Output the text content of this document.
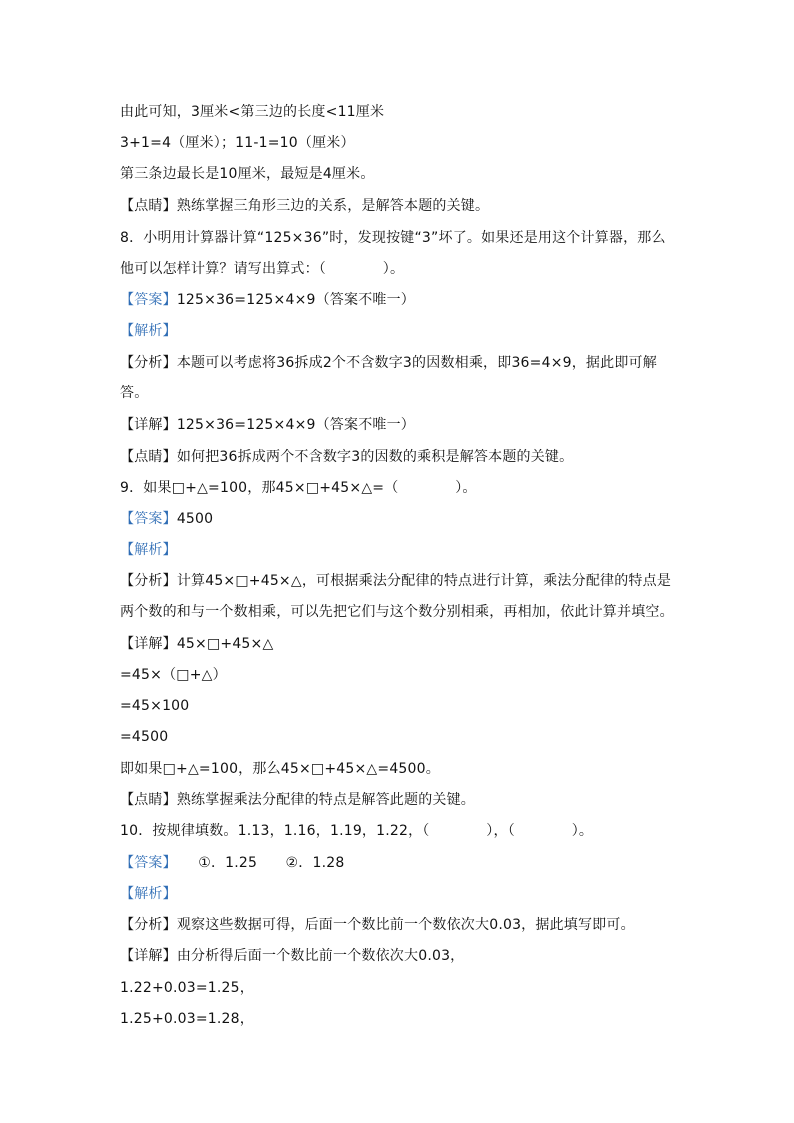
由此可知，3厘米<第三边的长度<11厘米
3+1=4（厘米）；11-1=10（厘米）
第三条边最长是10厘米，最短是4厘米。
【点睛】熟练掌握三角形三边的关系，是解答本题的关键。
8．小明用计算器计算“125×36”时，发现按键“3”坏了。如果还是用这个计算器，那么
他可以怎样计算？请写出算式：（　　　　）。
【答案】125×36=125×4×9（答案不唯一）
【解析】
【分析】本题可以考虑将36拆成2个不含数字3的因数相乘，即36=4×9，据此即可解
答。
【详解】125×36=125×4×9（答案不唯一）
【点睛】如何把36拆成两个不含数字3的因数的乘积是解答本题的关键。
9．如果□+△=100，那45×□+45×△=（　　　　）。
【答案】4500
【解析】
【分析】计算45×□+45×△，可根据乘法分配律的特点进行计算，乘法分配律的特点是
两个数的和与一个数相乘，可以先把它们与这个数分别相乘，再相加，依此计算并填空。
【详解】45×□+45×△
=45×（□+△）
=45×100
=4500
即如果□+△=100，那么45×□+45×△=4500。
【点睛】熟练掌握乘法分配律的特点是解答此题的关键。
10．按规律填数。1.13，1.16，1.19，1.22，（　　　　），（　　　　）。
【答案】　　①．1.25　　②．1.28
【解析】
【分析】观察这些数据可得，后面一个数比前一个数依次大0.03，据此填写即可。
【详解】由分析得后面一个数比前一个数依次大0.03，
1.22+0.03=1.25，
1.25+0.03=1.28，
